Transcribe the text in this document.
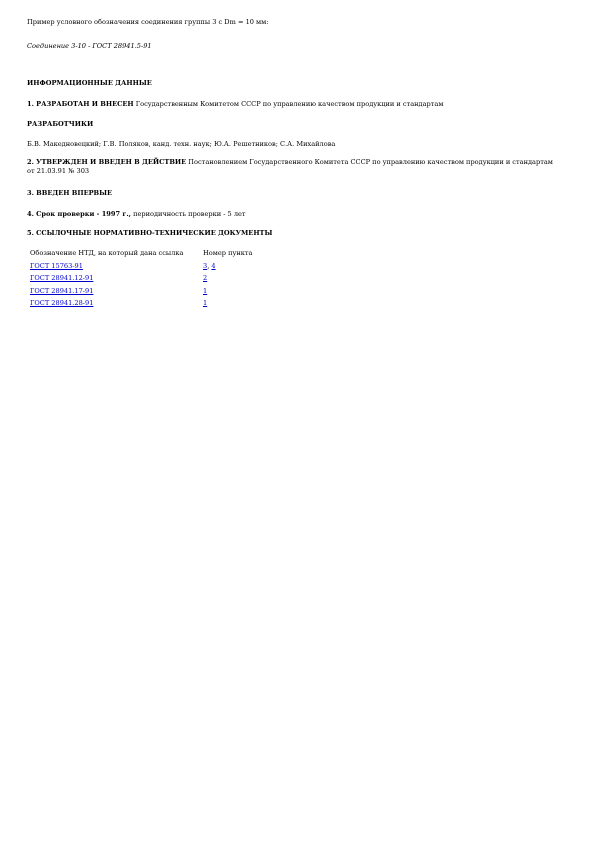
Пример условного обозначения соединения группы 3 с Dm = 10 мм:
Соединение 3-10 - ГОСТ 28941.5-91
ИНФОРМАЦИОННЫЕ ДАННЫЕ
1. РАЗРАБОТАН И ВНЕСЕН Государственным Комитетом СССР по управлению качеством продукции и стандартам
РАЗРАБОТЧИКИ
Б.В. Македновецкий; Г.В. Поляков, канд. техн. наук; Ю.А. Решетников; С.А. Михайлова
2. УТВЕРЖДЕН И ВВЕДЕН В ДЕЙСТВИЕ Постановлением Государственного Комитета СССР по управлению качеством продукции и стандартам от 21.03.91 № 303
3. ВВЕДЕН ВПЕРВЫЕ
4. Срок проверки - 1997 г., периодичность проверки - 5 лет
5. ССЫЛОЧНЫЕ НОРМАТИВНО-ТЕХНИЧЕСКИЕ ДОКУМЕНТЫ
Обозначение НТД, на который дана ссылка	Номер пункта
ГОСТ 15763-91	3, 4
ГОСТ 28941.12-91	2
ГОСТ 28941.17-91	1
ГОСТ 28941.28-91	1
